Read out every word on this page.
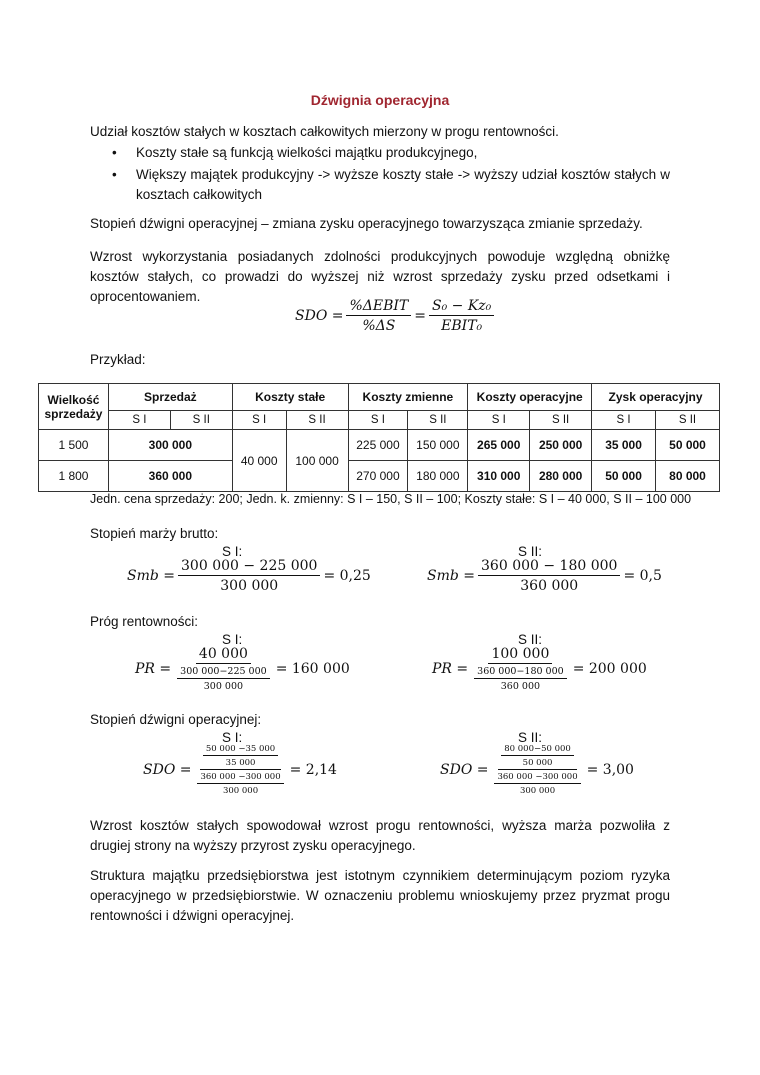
Dźwignia operacyjna
Udział kosztów stałych w kosztach całkowitych mierzony w progu rentowności.
• Koszty stałe są funkcją wielkości majątku produkcyjnego,
• Większy majątek produkcyjny -> wyższe koszty stałe -> wyższy udział kosztów stałych w kosztach całkowitych
Stopień dźwigni operacyjnej – zmiana zysku operacyjnego towarzysząca zmianie sprzedaży.
Wzrost wykorzystania posiadanych zdolności produkcyjnych powoduje względną obniżkę kosztów stałych, co prowadzi do wyższej niż wzrost sprzedaży zysku przed odsetkami i oprocentowaniem.
SDO = $\frac{\text{\%ΔEBIT}}{\%\Delta S} = \frac{\text{S₀ − Kz₀}}{\text{EBIT₀}}$
Przykład:
Wielkość sprzedaży	Sprzedaż		Koszty stałe		Koszty zmienne		Koszty operacyjne		Zysk operacyjny	
	S I	S II	S I	S II	S I	S II	S I	S II	S I	S II
1 500	300 000		40 000	100 000	225 000	150 000	265 000	250 000	35 000	50 000
1 800	360 000				270 000	180 000	310 000	280 000	50 000	80 000
Jedn. cena sprzedaży: 200; Jedn. k. zmienny: S I – 150, S II – 100; Koszty stałe: S I – 40 000, S II – 100 000
Stopień marży brutto:
S I:
Smb = $\frac{300 000 - 225 000}{300 000} = 0,25$
S II:
Smb = $\frac{360 000 - 180 000}{360 000} = 0,5$
Próg rentowności:
S I:
PR = $\frac{40 000}{\frac{300 000-225 000}{300 000}} = 160$ 000
S II:
PR = $\frac{100 000}{\frac{360 000-180 000}{360 000}} = 200$ 000
Stopień dźwigni operacyjnej:
S I:
SDO = $\frac{\frac{50 000 -35 000}{35 000}}{\frac{360 000 -300 000}{300 000}} = 2,14$
S II:
SDO = $\frac{\frac{80 000-50 000}{50 000}}{\frac{360 000 -300 000}{300 000}} = 3,00$
Wzrost kosztów stałych spowodował wzrost progu rentowności, wyższa marża pozwoliła z drugiej strony na wyższy przyrost zysku operacyjnego.
Struktura majątku przedsiębiorstwa jest istotnym czynnikiem determinującym poziom ryzyka operacyjnego w przedsiębiorstwie. W oznaczeniu problemu wnioskujemy przez pryzmat progu rentowności i dźwigni operacyjnej.
